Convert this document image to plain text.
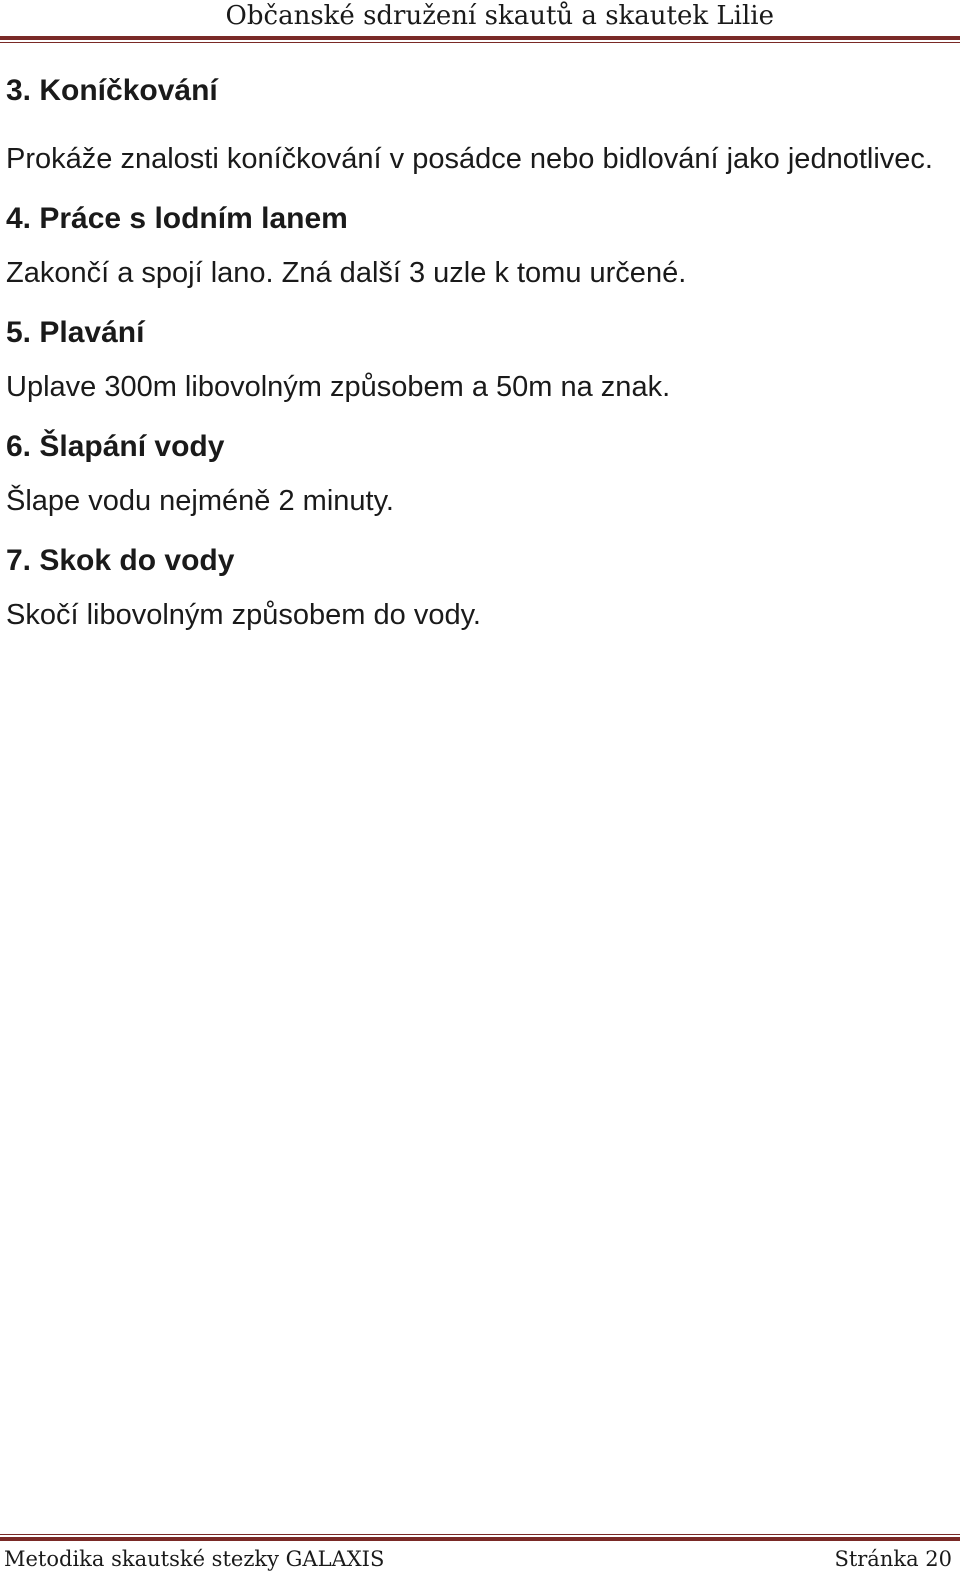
Občanské sdružení skautů a skautek Lilie
3. Koníčkování

Prokáže znalosti koníčkování v posádce nebo bidlování jako jednotlivec.

4. Práce s lodním lanem

Zakončí a spojí lano. Zná další 3 uzle k tomu určené.

5. Plavání

Uplave 300m libovolným způsobem a 50m na znak.

6. Šlapání vody

Šlape vodu nejméně 2 minuty.

7. Skok do vody

Skočí libovolným způsobem do vody.

Metodika skautské stezky GALAXIS	Stránka 20
